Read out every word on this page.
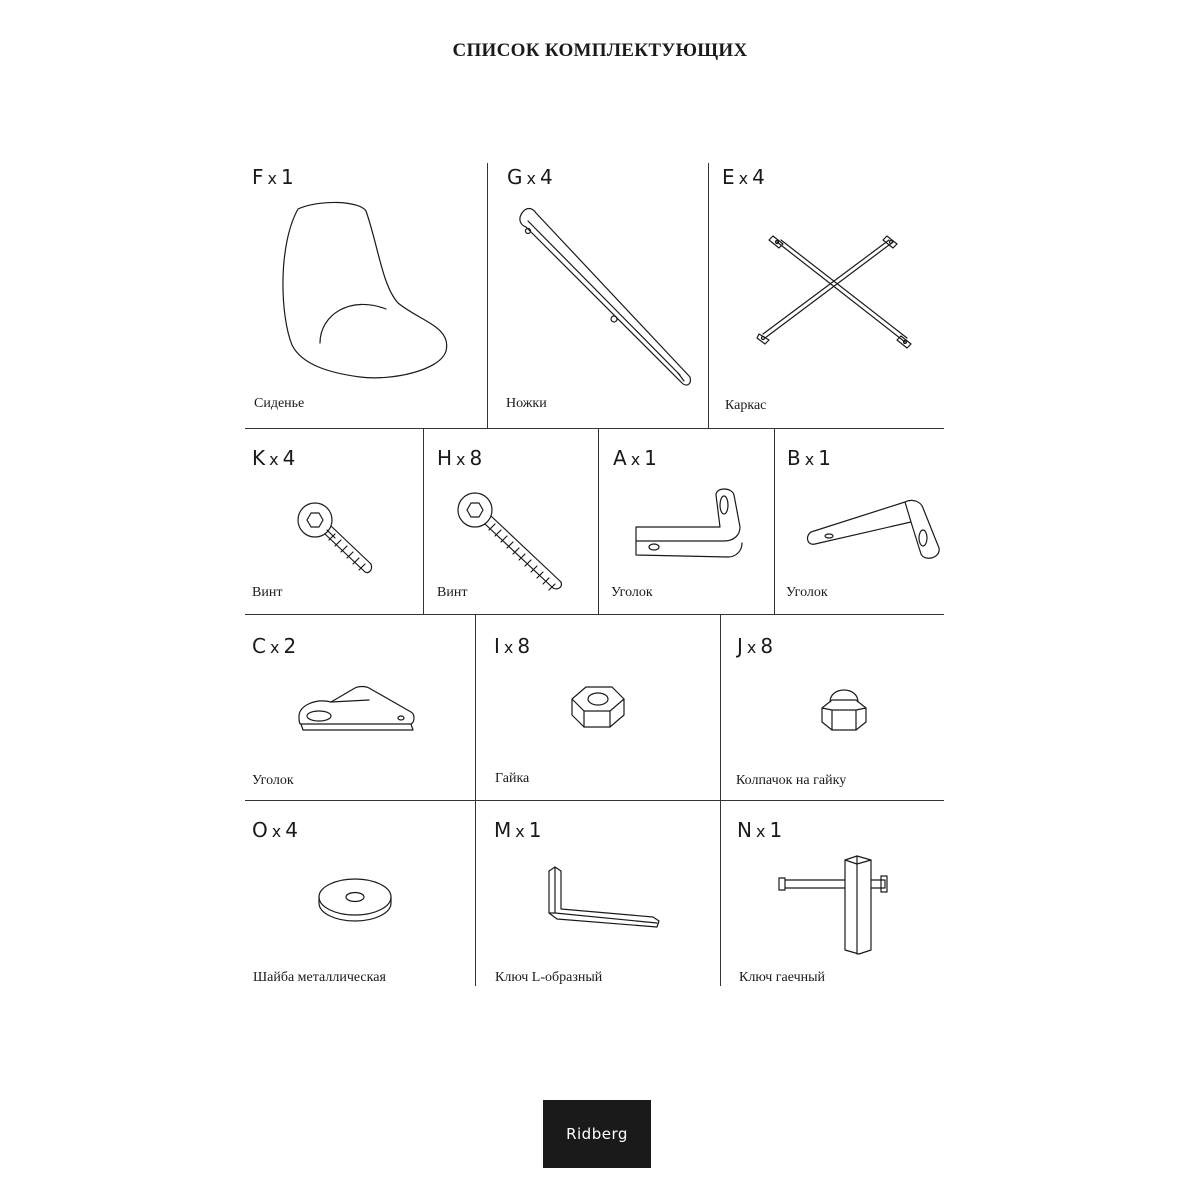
СПИСОК КОМПЛЕКТУЮЩИХ
F x 1
Сиденье
G x 4
Ножки
E x 4
Каркас
K x 4
Винт
H x 8
Винт
A x 1
Уголок
B x 1
Уголок
C x 2
Уголок
I x 8
Гайка
J x 8
Колпачок на гайку
O x 4
Шайба металлическая
M x 1
Ключ L-образный
N x 1
Ключ гаечный
Ridberg
